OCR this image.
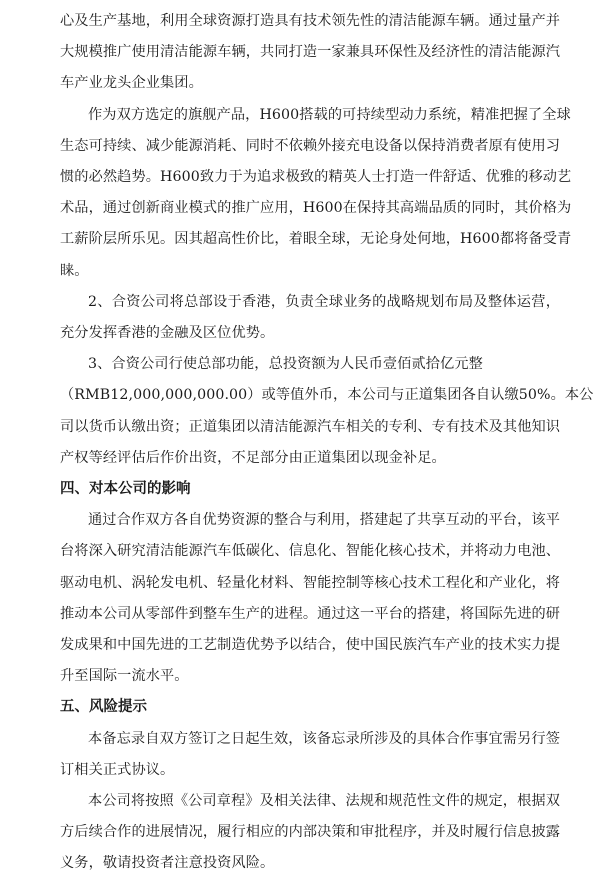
心及生产基地，利用全球资源打造具有技术领先性的清洁能源车辆。通过量产并
大规模推广使用清洁能源车辆，共同打造一家兼具环保性及经济性的清洁能源汽
车产业龙头企业集团。
作为双方选定的旗舰产品，H600搭载的可持续型动力系统，精准把握了全球
生态可持续、减少能源消耗、同时不依赖外接充电设备以保持消费者原有使用习
惯的必然趋势。H600致力于为追求极致的精英人士打造一件舒适、优雅的移动艺
术品，通过创新商业模式的推广应用，H600在保持其高端品质的同时，其价格为
工薪阶层所乐见。因其超高性价比，着眼全球，无论身处何地，H600都将备受青
睐。
2、合资公司将总部设于香港，负责全球业务的战略规划布局及整体运营，
充分发挥香港的金融及区位优势。
3、合资公司行使总部功能，总投资额为人民币壹佰贰拾亿元整
（RMB12,000,000,000.00）或等值外币，本公司与正道集团各自认缴50%。本公
司以货币认缴出资；正道集团以清洁能源汽车相关的专利、专有技术及其他知识
产权等经评估后作价出资，不足部分由正道集团以现金补足。
四、对本公司的影响
通过合作双方各自优势资源的整合与利用，搭建起了共享互动的平台，该平
台将深入研究清洁能源汽车低碳化、信息化、智能化核心技术，并将动力电池、
驱动电机、涡轮发电机、轻量化材料、智能控制等核心技术工程化和产业化，将
推动本公司从零部件到整车生产的进程。通过这一平台的搭建，将国际先进的研
发成果和中国先进的工艺制造优势予以结合，使中国民族汽车产业的技术实力提
升至国际一流水平。
五、风险提示
本备忘录自双方签订之日起生效，该备忘录所涉及的具体合作事宜需另行签
订相关正式协议。
本公司将按照《公司章程》及相关法律、法规和规范性文件的规定，根据双
方后续合作的进展情况，履行相应的内部决策和审批程序，并及时履行信息披露
义务，敬请投资者注意投资风险。
